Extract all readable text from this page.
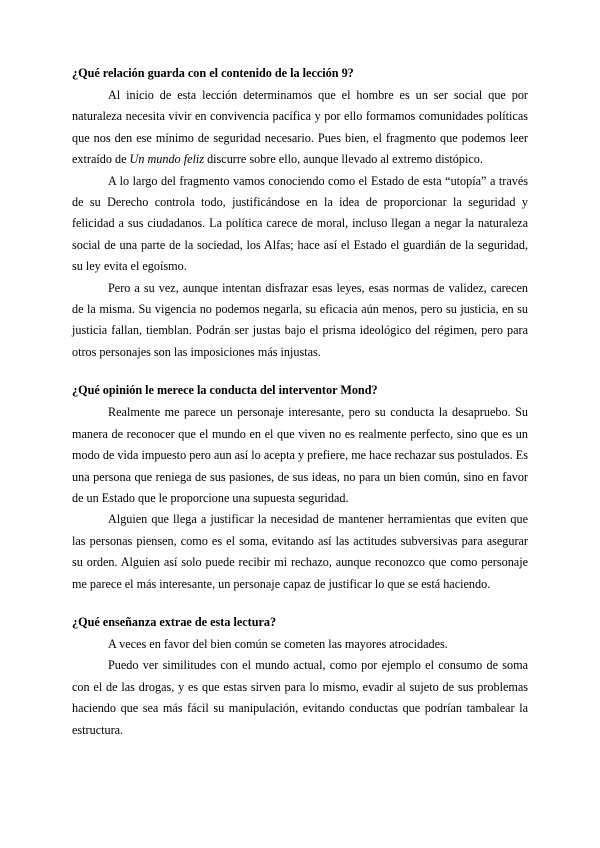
¿Qué relación guarda con el contenido de la lección 9?

Al inicio de esta lección determinamos que el hombre es un ser social que por naturaleza necesita vivir en convivencia pacífica y por ello formamos comunidades políticas que nos den ese mínimo de seguridad necesario. Pues bien, el fragmento que podemos leer extraído de Un mundo feliz discurre sobre ello, aunque llevado al extremo distópico.

A lo largo del fragmento vamos conociendo como el Estado de esta “utopía” a través de su Derecho controla todo, justificándose en la idea de proporcionar la seguridad y felicidad a sus ciudadanos. La política carece de moral, incluso llegan a negar la naturaleza social de una parte de la sociedad, los Alfas; hace así el Estado el guardián de la seguridad, su ley evita el egoísmo.

Pero a su vez, aunque intentan disfrazar esas leyes, esas normas de validez, carecen de la misma. Su vigencia no podemos negarla, su eficacia aún menos, pero su justicia, en su justicia fallan, tiemblan. Podrán ser justas bajo el prisma ideológico del régimen, pero para otros personajes son las imposiciones más injustas.

¿Qué opinión le merece la conducta del interventor Mond?

Realmente me parece un personaje interesante, pero su conducta la desapruebo. Su manera de reconocer que el mundo en el que viven no es realmente perfecto, sino que es un modo de vida impuesto pero aun así lo acepta y prefiere, me hace rechazar sus postulados. Es una persona que reniega de sus pasiones, de sus ideas, no para un bien común, sino en favor de un Estado que le proporcione una supuesta seguridad.

Alguien que llega a justificar la necesidad de mantener herramientas que eviten que las personas piensen, como es el soma, evitando así las actitudes subversivas para asegurar su orden. Alguien así solo puede recibir mi rechazo, aunque reconozco que como personaje me parece el más interesante, un personaje capaz de justificar lo que se está haciendo.

¿Qué enseñanza extrae de esta lectura?

A veces en favor del bien común se cometen las mayores atrocidades.

Puedo ver similitudes con el mundo actual, como por ejemplo el consumo de soma con el de las drogas, y es que estas sirven para lo mismo, evadir al sujeto de sus problemas haciendo que sea más fácil su manipulación, evitando conductas que podrían tambalear la estructura.
